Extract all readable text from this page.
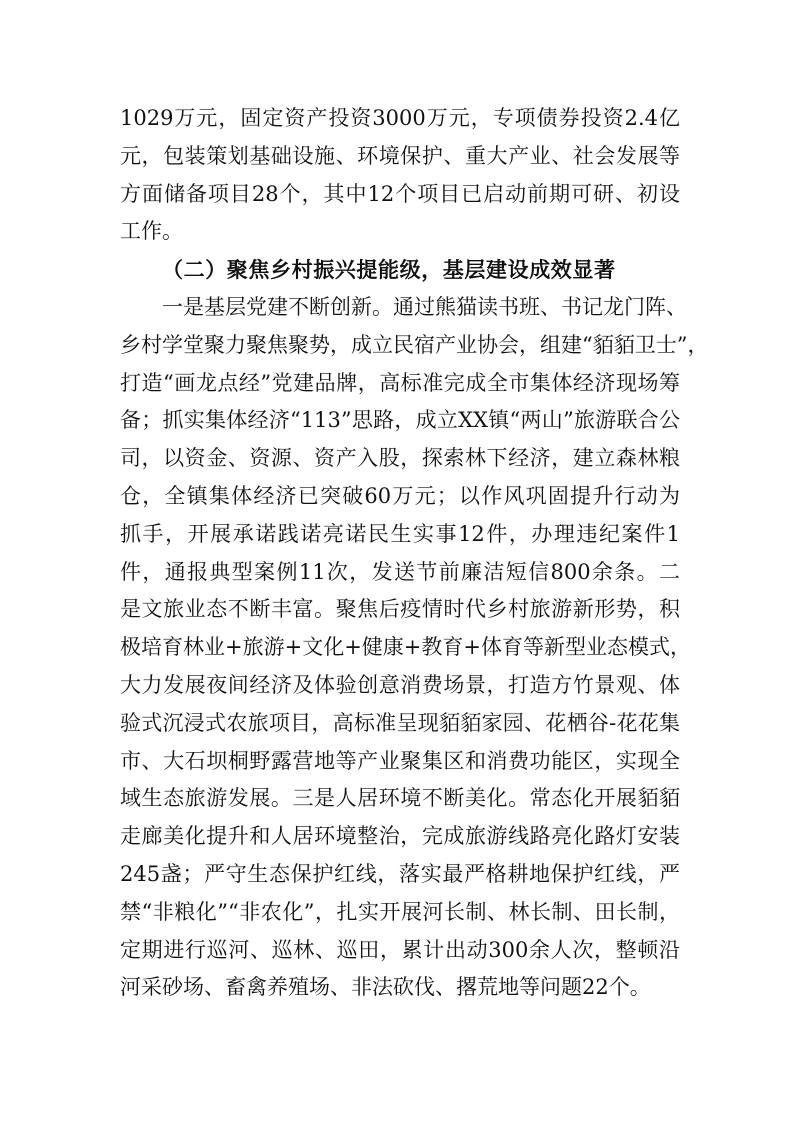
1029万元，固定资产投资3000万元，专项债券投资2.4亿
元，包装策划基础设施、环境保护、重大产业、社会发展等
方面储备项目28个，其中12个项目已启动前期可研、初设
工作。
（二）聚焦乡村振兴提能级，基层建设成效显著
一是基层党建不断创新。通过熊猫读书班、书记龙门阵、
乡村学堂聚力聚焦聚势，成立民宿产业协会，组建“貊貊卫士”，
打造“画龙点经”党建品牌，高标准完成全市集体经济现场筹
备；抓实集体经济“113”思路，成立XX镇“两山”旅游联合公
司，以资金、资源、资产入股，探索林下经济，建立森林粮
仓，全镇集体经济已突破60万元；以作风巩固提升行动为
抓手，开展承诺践诺亮诺民生实事12件，办理违纪案件1
件，通报典型案例11次，发送节前廉洁短信800余条。二
是文旅业态不断丰富。聚焦后疫情时代乡村旅游新形势，积
极培育林业+旅游+文化+健康+教育+体育等新型业态模式，
大力发展夜间经济及体验创意消费场景，打造方竹景观、体
验式沉浸式农旅项目，高标准呈现貊貊家园、花栖谷-花花集
市、大石坝桐野露营地等产业聚集区和消费功能区，实现全
域生态旅游发展。三是人居环境不断美化。常态化开展貊貊
走廊美化提升和人居环境整治，完成旅游线路亮化路灯安装
245盏；严守生态保护红线，落实最严格耕地保护红线，严
禁“非粮化”“非农化”，扎实开展河长制、林长制、田长制，
定期进行巡河、巡林、巡田，累计出动300余人次，整顿沿
河采砂场、畜禽养殖场、非法砍伐、撂荒地等问题22个。
